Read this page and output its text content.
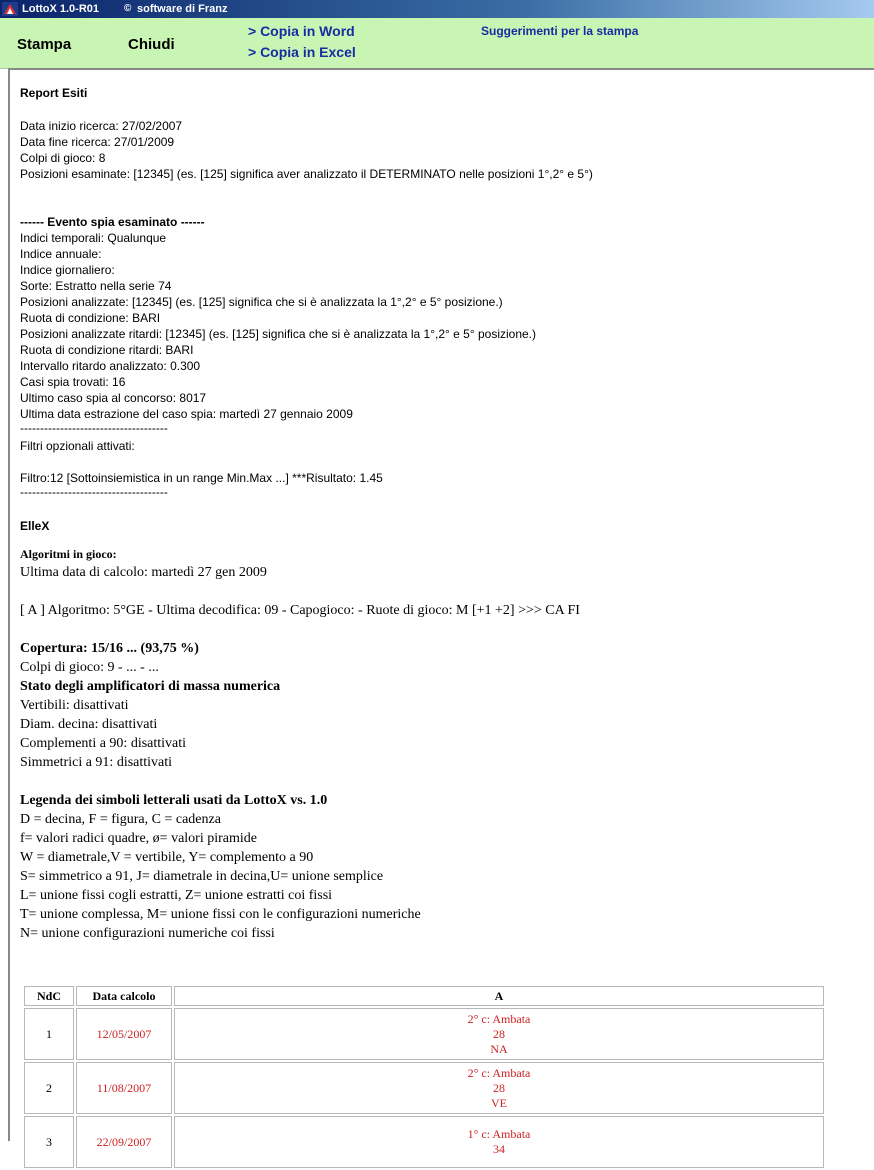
LottoX 1.0-R01 © software di Franz
Stampa	Chiudi
> Copia in Word
> Copia in Excel
Suggerimenti per la stampa
Report Esiti
Data inizio ricerca: 27/02/2007
Data fine ricerca: 27/01/2009
Colpi di gioco: 8
Posizioni esaminate: [12345] (es. [125] significa aver analizzato il DETERMINATO nelle posizioni 1°,2° e 5°)
------ Evento spia esaminato ------
Indici temporali: Qualunque
Indice annuale:
Indice giornaliero:
Sorte: Estratto nella serie 74
Posizioni analizzate: [12345] (es. [125] significa che si è analizzata la 1°,2° e 5° posizione.)
Ruota di condizione: BARI
Posizioni analizzate ritardi: [12345] (es. [125] significa che si è analizzata la 1°,2° e 5° posizione.)
Ruota di condizione ritardi: BARI
Intervallo ritardo analizzato: 0.300
Casi spia trovati: 16
Ultimo caso spia al concorso: 8017
Ultima data estrazione del caso spia: martedì 27 gennaio 2009
-------------------------------------
Filtri opzionali attivati:
Filtro:12 [Sottoinsiemistica in un range Min.Max ...] ***Risultato: 1.45
-------------------------------------
ElleX
Algoritmi in gioco:
Ultima data di calcolo: martedì 27 gen 2009
[ A ] Algoritmo: 5°GE - Ultima decodifica: 09 - Capogioco: - Ruote di gioco: M [+1 +2] >>> CA FI
Copertura: 15/16 ... (93,75 %)
Colpi di gioco: 9 - ... - ...
Stato degli amplificatori di massa numerica
Vertibili: disattivati
Diam. decina: disattivati
Complementi a 90: disattivati
Simmetrici a 91: disattivati
Legenda dei simboli letterali usati da LottoX vs. 1.0
D = decina, F = figura, C = cadenza
f= valori radici quadre, ø= valori piramide
W = diametrale,V = vertibile, Y= complemento a 90
S= simmetrico a 91, J= diametrale in decina,U= unione semplice
L= unione fissi cogli estratti, Z= unione estratti coi fissi
T= unione complessa, M= unione fissi con le configurazioni numeriche
N= unione configurazioni numeriche coi fissi
NdC	Data calcolo	A
1	12/05/2007	2° c: Ambata
28
NA

2	11/08/2007	2° c: Ambata
28
VE

3	22/09/2007	1° c: Ambata
34
